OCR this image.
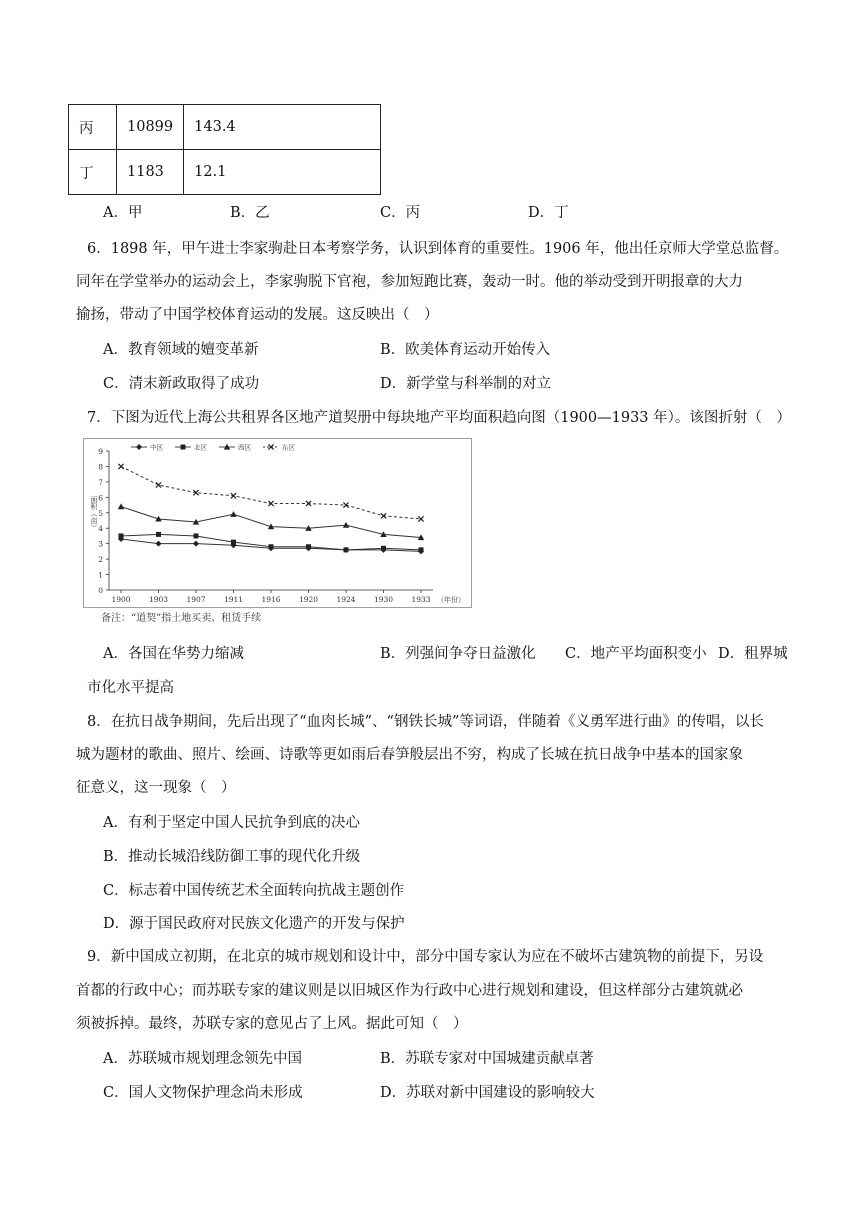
丙	10899	143.4
丁	1183	12.1
A．甲	B．乙	C．丙	D．丁
6．1898 年，甲午进士李家驹赴日本考察学务，认识到体育的重要性。1906 年，他出任京师大学堂总监督。
同年在学堂举办的运动会上，李家驹脱下官袍，参加短跑比赛，轰动一时。他的举动受到开明报章的大力
揄扬，带动了中国学校体育运动的发展。这反映出（　）
A．教育领域的嬗变革新	B．欧美体育运动开始传入
C．清末新政取得了成功	D．新学堂与科举制的对立
7．下图为近代上海公共租界各区地产道契册中每块地产平均面积趋向图（1900—1933 年）。该图折射（　）
0
1
2
3
4
5
6
7
8
9
1900 1903 1907 1911 1916 1920 1924 1930 1933 （年份）
面积（亩）
中区	北区	西区	东区
备注：“道契”指土地买卖、租赁手续
A．各国在华势力缩减	B．列强间争夺日益激化 C．地产平均面积变小 D．租界城
市化水平提高
8．在抗日战争期间，先后出现了“血肉长城”、“钢铁长城”等词语，伴随着《义勇军进行曲》的传唱，以长
城为题材的歌曲、照片、绘画、诗歌等更如雨后春笋般层出不穷，构成了长城在抗日战争中基本的国家象
征意义，这一现象（　）
A．有利于坚定中国人民抗争到底的决心
B．推动长城沿线防御工事的现代化升级
C．标志着中国传统艺术全面转向抗战主题创作
D．源于国民政府对民族文化遗产的开发与保护
9．新中国成立初期，在北京的城市规划和设计中，部分中国专家认为应在不破坏古建筑物的前提下，另设
首都的行政中心；而苏联专家的建议则是以旧城区作为行政中心进行规划和建设，但这样部分古建筑就必
须被拆掉。最终，苏联专家的意见占了上风。据此可知（　）
A．苏联城市规划理念领先中国	B．苏联专家对中国城建贡献卓著
C．国人文物保护理念尚未形成	D．苏联对新中国建设的影响较大
